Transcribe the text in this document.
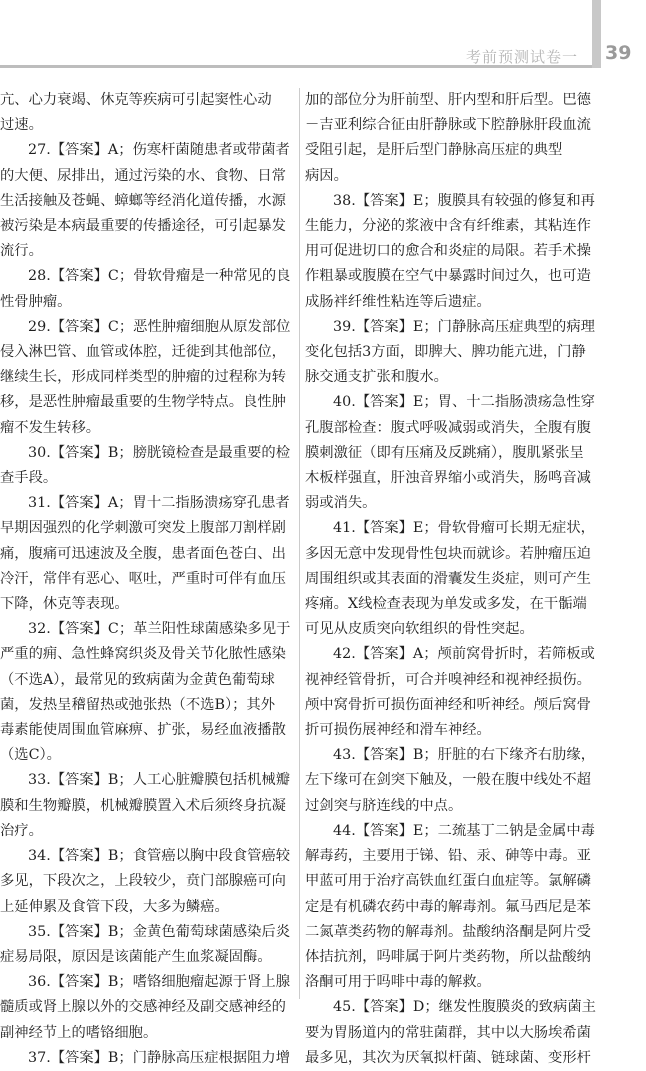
考前预测试卷一 39
亢、心力衰竭、休克等疾病可引起窦性心动
过速。
27.【答案】A；伤寒杆菌随患者或带菌者
的大便、尿排出，通过污染的水、食物、日常
生活接触及苍蝇、蟑螂等经消化道传播，水源
被污染是本病最重要的传播途径，可引起暴发
流行。
28.【答案】C；骨软骨瘤是一种常见的良
性骨肿瘤。
29.【答案】C；恶性肿瘤细胞从原发部位
侵入淋巴管、血管或体腔，迁徙到其他部位，
继续生长，形成同样类型的肿瘤的过程称为转
移，是恶性肿瘤最重要的生物学特点。良性肿
瘤不发生转移。
30.【答案】B；膀胱镜检查是最重要的检
查手段。
31.【答案】A；胃十二指肠溃疡穿孔患者
早期因强烈的化学刺激可突发上腹部刀割样剧
痛，腹痛可迅速波及全腹，患者面色苍白、出
冷汗，常伴有恶心、呕吐，严重时可伴有血压
下降，休克等表现。
32.【答案】C；革兰阳性球菌感染多见于
严重的痈、急性蜂窝织炎及骨关节化脓性感染
（不选A），最常见的致病菌为金黄色葡萄球
菌，发热呈稽留热或弛张热（不选B）；其外
毒素能使周围血管麻痹、扩张，易经血液播散
（选C）。
33.【答案】B；人工心脏瓣膜包括机械瓣
膜和生物瓣膜，机械瓣膜置入术后须终身抗凝
治疗。
34.【答案】B；食管癌以胸中段食管癌较
多见，下段次之，上段较少，贲门部腺癌可向
上延伸累及食管下段，大多为鳞癌。
35.【答案】B；金黄色葡萄球菌感染后炎
症易局限，原因是该菌能产生血浆凝固酶。
36.【答案】B；嗜铬细胞瘤起源于肾上腺
髓质或肾上腺以外的交感神经及副交感神经的
副神经节上的嗜铬细胞。
37.【答案】B；门静脉高压症根据阻力增
加的部位分为肝前型、肝内型和肝后型。巴德
－吉亚利综合征由肝静脉或下腔静脉肝段血流
受阻引起，是肝后型门静脉高压症的典型
病因。
38.【答案】E；腹膜具有较强的修复和再
生能力，分泌的浆液中含有纤维素，其粘连作
用可促进切口的愈合和炎症的局限。若手术操
作粗暴或腹膜在空气中暴露时间过久，也可造
成肠袢纤维性粘连等后遗症。
39.【答案】E；门静脉高压症典型的病理
变化包括3方面，即脾大、脾功能亢进，门静
脉交通支扩张和腹水。
40.【答案】E；胃、十二指肠溃疡急性穿
孔腹部检查：腹式呼吸减弱或消失，全腹有腹
膜刺激征（即有压痛及反跳痛），腹肌紧张呈
木板样强直，肝浊音界缩小或消失，肠鸣音减
弱或消失。
41.【答案】E；骨软骨瘤可长期无症状，
多因无意中发现骨性包块而就诊。若肿瘤压迫
周围组织或其表面的滑囊发生炎症，则可产生
疼痛。X线检查表现为单发或多发，在干骺端
可见从皮质突向软组织的骨性突起。
42.【答案】A；颅前窝骨折时，若筛板或
视神经管骨折，可合并嗅神经和视神经损伤。
颅中窝骨折可损伤面神经和听神经。颅后窝骨
折可损伤展神经和滑车神经。
43.【答案】B；肝脏的右下缘齐右肋缘，
左下缘可在剑突下触及，一般在腹中线处不超
过剑突与脐连线的中点。
44.【答案】E；二巯基丁二钠是金属中毒
解毒药，主要用于锑、铅、汞、砷等中毒。亚
甲蓝可用于治疗高铁血红蛋白血症等。氯解磷
定是有机磷农药中毒的解毒剂。氟马西尼是苯
二氮䓬类药物的解毒剂。盐酸纳洛酮是阿片受
体拮抗剂，吗啡属于阿片类药物，所以盐酸纳
洛酮可用于吗啡中毒的解救。
45.【答案】D；继发性腹膜炎的致病菌主
要为胃肠道内的常驻菌群，其中以大肠埃希菌
最多见，其次为厌氧拟杆菌、链球菌、变形杆
